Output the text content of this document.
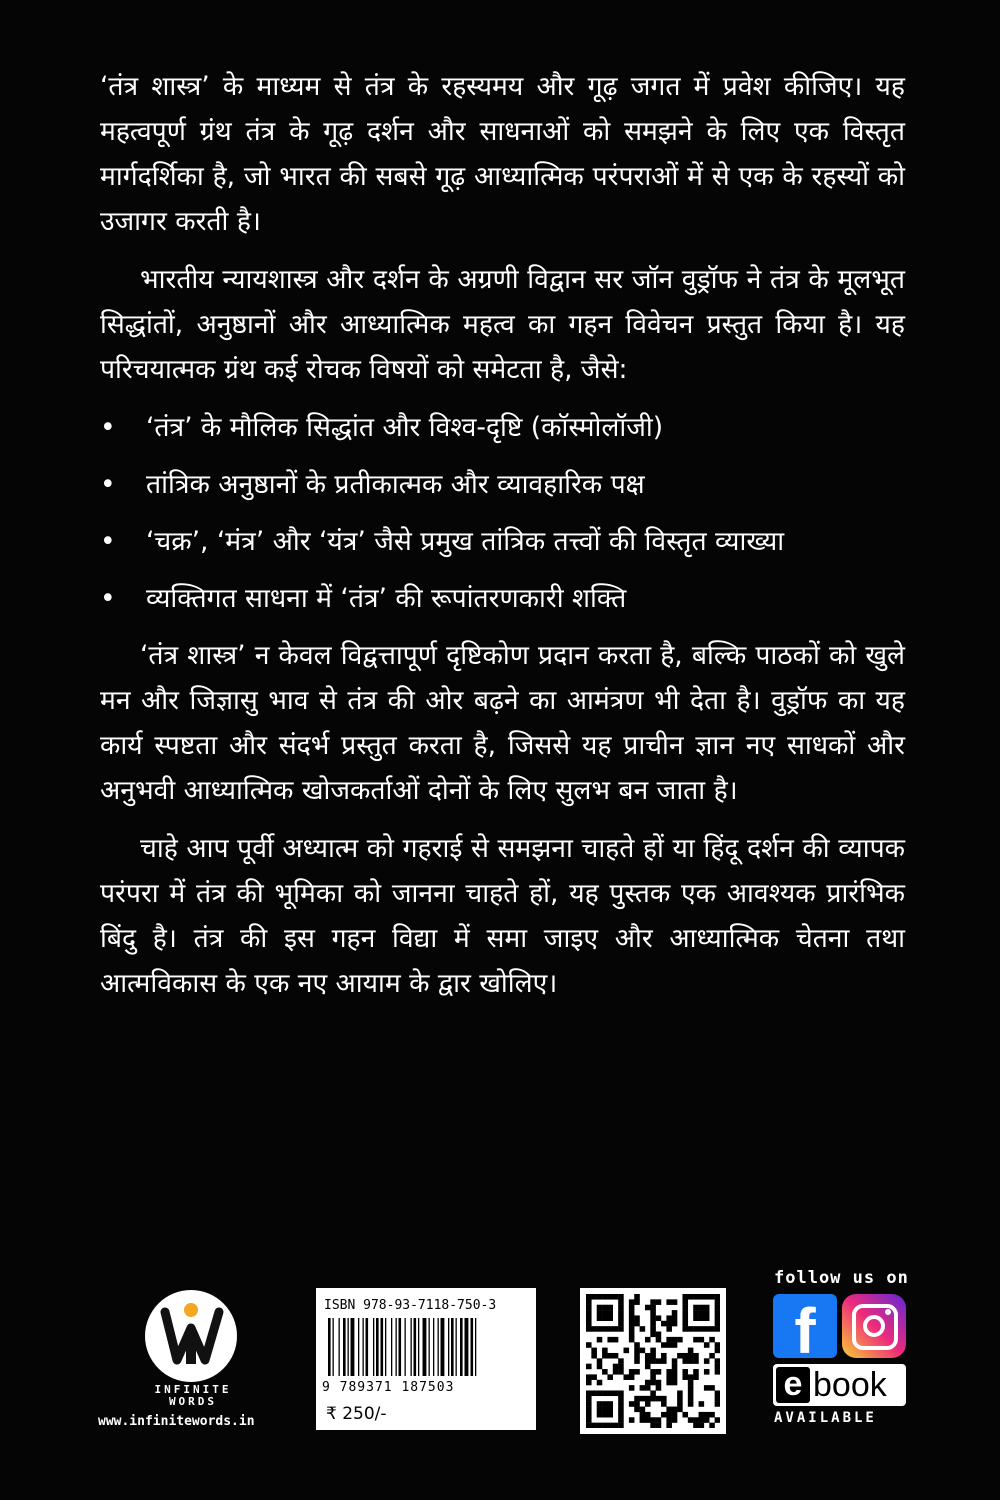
‘तंत्र शास्त्र’ के माध्यम से तंत्र के रहस्यमय और गूढ़ जगत में प्रवेश कीजिए। यह महत्वपूर्ण ग्रंथ तंत्र के गूढ़ दर्शन और साधनाओं को समझने के लिए एक विस्तृत मार्गदर्शिका है, जो भारत की सबसे गूढ़ आध्यात्मिक परंपराओं में से एक के रहस्यों को उजागर करती है।

भारतीय न्यायशास्त्र और दर्शन के अग्रणी विद्वान सर जॉन वुड्रॉफ ने तंत्र के मूलभूत सिद्धांतों, अनुष्ठानों और आध्यात्मिक महत्व का गहन विवेचन प्रस्तुत किया है। यह परिचयात्मक ग्रंथ कई रोचक विषयों को समेटता है, जैसे:

• ‘तंत्र’ के मौलिक सिद्धांत और विश्व-दृष्टि (कॉस्मोलॉजी)
• तांत्रिक अनुष्ठानों के प्रतीकात्मक और व्यावहारिक पक्ष
• ‘चक्र’, ‘मंत्र’ और ‘यंत्र’ जैसे प्रमुख तांत्रिक तत्त्वों की विस्तृत व्याख्या
• व्यक्तिगत साधना में ‘तंत्र’ की रूपांतरणकारी शक्ति

‘तंत्र शास्त्र’ न केवल विद्वत्तापूर्ण दृष्टिकोण प्रदान करता है, बल्कि पाठकों को खुले मन और जिज्ञासु भाव से तंत्र की ओर बढ़ने का आमंत्रण भी देता है। वुड्रॉफ का यह कार्य स्पष्टता और संदर्भ प्रस्तुत करता है, जिससे यह प्राचीन ज्ञान नए साधकों और अनुभवी आध्यात्मिक खोजकर्ताओं दोनों के लिए सुलभ बन जाता है।

चाहे आप पूर्वी अध्यात्म को गहराई से समझना चाहते हों या हिंदू दर्शन की व्यापक परंपरा में तंत्र की भूमिका को जानना चाहते हों, यह पुस्तक एक आवश्यक प्रारंभिक बिंदु है। तंत्र की इस गहन विद्या में समा जाइए और आध्यात्मिक चेतना तथा आत्मविकास के एक नए आयाम के द्वार खोलिए।

INFINITE WORDS
www.infinitewords.in
ISBN 978-93-7118-750-3
9 789371 187503
₹ 250/-
follow us on
f
e book
AVAILABLE
